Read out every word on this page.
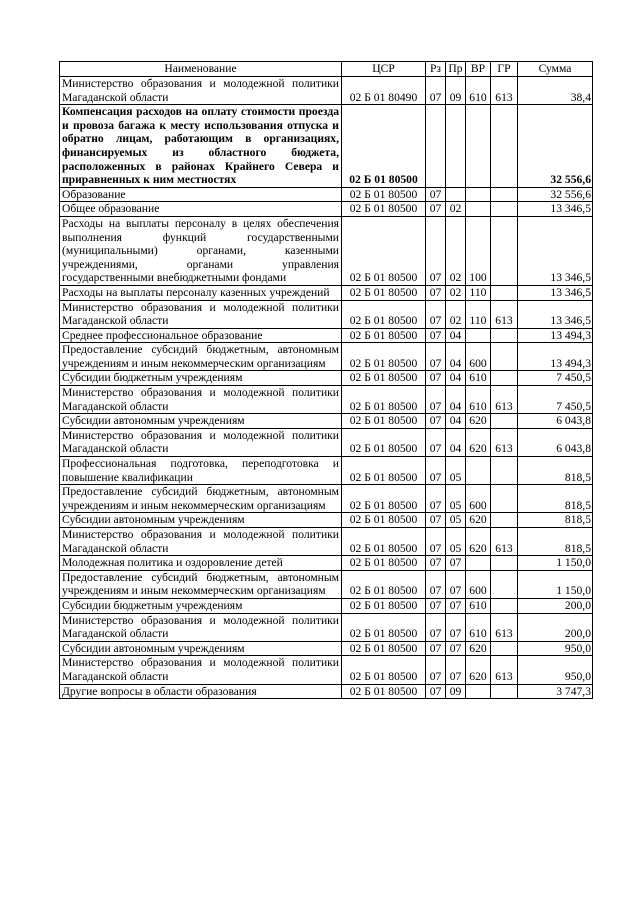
Наименование	ЦСР	Рз	Пр	ВР	ГР	Сумма
Министерство образования и молодежной политики Магаданской области	02 Б 01 80490	07	09	610	613	38,4
Компенсация расходов на оплату стоимости проезда и провоза багажа к месту использования отпуска и обратно лицам, работающим в организациях, финансируемых из областного бюджета, расположенных в районах Крайнего Севера и приравненных к ним местностях	02 Б 01 80500					32 556,6
Образование	02 Б 01 80500	07				32 556,6
Общее образование	02 Б 01 80500	07	02			13 346,5
Расходы на выплаты персоналу в целях обеспечения выполнения функций государственными (муниципальными) органами, казенными учреждениями, органами управления государственными внебюджетными фондами	02 Б 01 80500	07	02	100		13 346,5
Расходы на выплаты персоналу казенных учреждений	02 Б 01 80500	07	02	110		13 346,5
Министерство образования и молодежной политики Магаданской области	02 Б 01 80500	07	02	110	613	13 346,5
Среднее профессиональное образование	02 Б 01 80500	07	04			13 494,3
Предоставление субсидий бюджетным, автономным учреждениям и иным некоммерческим организациям	02 Б 01 80500	07	04	600		13 494,3
Субсидии бюджетным учреждениям	02 Б 01 80500	07	04	610		7 450,5
Министерство образования и молодежной политики Магаданской области	02 Б 01 80500	07	04	610	613	7 450,5
Субсидии автономным учреждениям	02 Б 01 80500	07	04	620		6 043,8
Министерство образования и молодежной политики Магаданской области	02 Б 01 80500	07	04	620	613	6 043,8
Профессиональная подготовка, переподготовка и повышение квалификации	02 Б 01 80500	07	05			818,5
Предоставление субсидий бюджетным, автономным учреждениям и иным некоммерческим организациям	02 Б 01 80500	07	05	600		818,5
Субсидии автономным учреждениям	02 Б 01 80500	07	05	620		818,5
Министерство образования и молодежной политики Магаданской области	02 Б 01 80500	07	05	620	613	818,5
Молодежная политика и оздоровление детей	02 Б 01 80500	07	07			1 150,0
Предоставление субсидий бюджетным, автономным учреждениям и иным некоммерческим организациям	02 Б 01 80500	07	07	600		1 150,0
Субсидии бюджетным учреждениям	02 Б 01 80500	07	07	610		200,0
Министерство образования и молодежной политики Магаданской области	02 Б 01 80500	07	07	610	613	200,0
Субсидии автономным учреждениям	02 Б 01 80500	07	07	620		950,0
Министерство образования и молодежной политики Магаданской области	02 Б 01 80500	07	07	620	613	950,0
Другие вопросы в области образования	02 Б 01 80500	07	09			3 747,3
